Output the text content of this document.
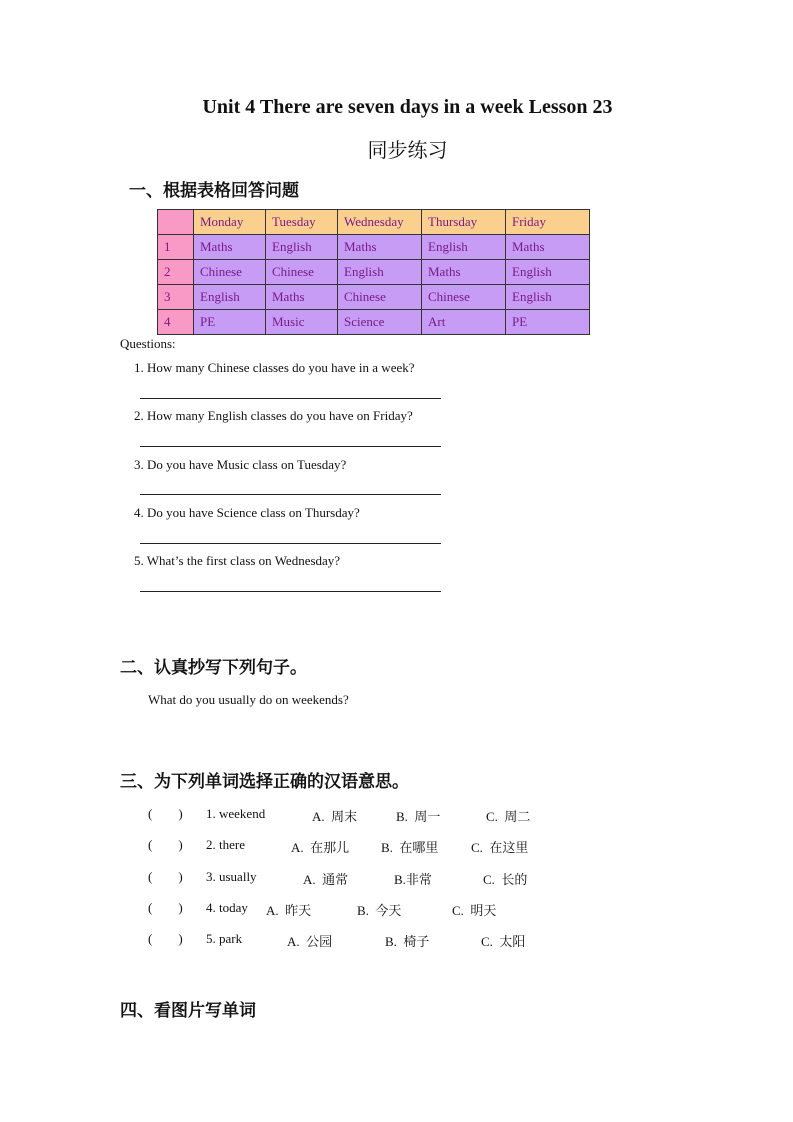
Unit 4 There are seven days in a week Lesson 23
同步练习
一、根据表格回答问题
	Monday	Tuesday	Wednesday	Thursday	Friday
1	Maths	English	Maths	English	Maths
2	Chinese	Chinese	English	Maths	English
3	English	Maths	Chinese	Chinese	English
4	PE	Music	Science	Art	PE
Questions:
1. How many Chinese classes do you have in a week?
2. How many English classes do you have on Friday?
3. Do you have Music class on Tuesday?
4. Do you have Science class on Thursday?
5. What’s the first class on Wednesday?
二、认真抄写下列句子。
What do you usually do on weekends?
三、为下列单词选择正确的汉语意思。
(        ) 1. weekend	A.  周末	B.  周一	C.  周二
(        ) 2. there	A.  在那儿 B.  在哪里	C.  在这里
(        ) 3. usually	A.  通常	B.非常	C.  长的
(        ) 4. today A.  昨天	B.  今天	C.  明天
(        ) 5. park	A.  公园	B.  椅子	C.  太阳
四、看图片写单词
